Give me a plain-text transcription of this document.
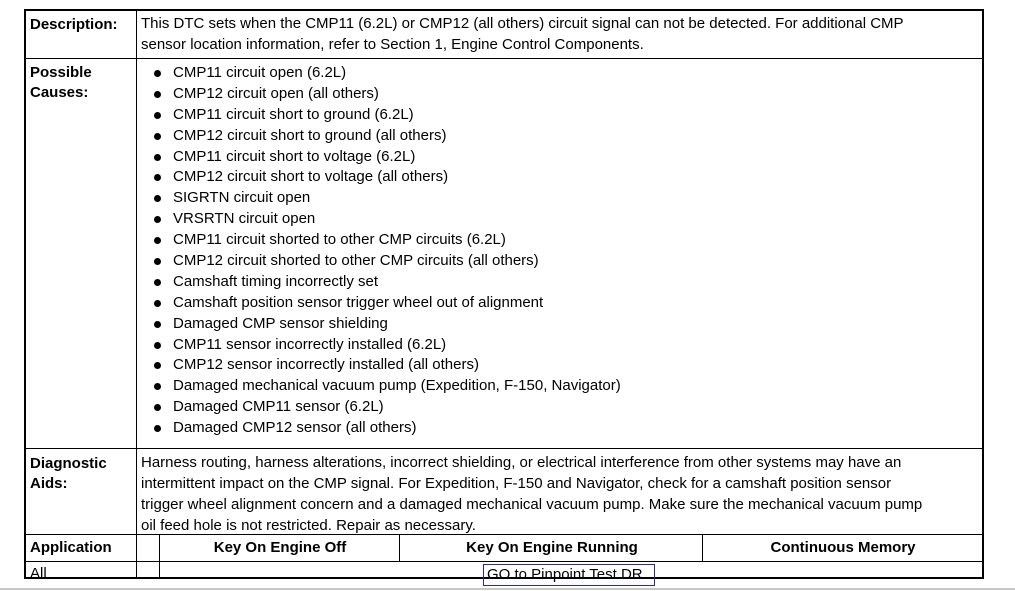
Description: This DTC sets when the CMP11 (6.2L) or CMP12 (all others) circuit signal can not be detected. For additional CMP

sensor location information, refer to Section 1, Engine Control Components.

Possible
Causes:
CMP11 circuit open (6.2L)
CMP12 circuit open (all others)
CMP11 circuit short to ground (6.2L)
CMP12 circuit short to ground (all others)
CMP11 circuit short to voltage (6.2L)
CMP12 circuit short to voltage (all others)
SIGRTN circuit open
VRSRTN circuit open
CMP11 circuit shorted to other CMP circuits (6.2L)
CMP12 circuit shorted to other CMP circuits (all others)
Camshaft timing incorrectly set
Camshaft position sensor trigger wheel out of alignment
Damaged CMP sensor shielding
CMP11 sensor incorrectly installed (6.2L)
CMP12 sensor incorrectly installed (all others)
Damaged mechanical vacuum pump (Expedition, F-150, Navigator)
Damaged CMP11 sensor (6.2L)
Damaged CMP12 sensor (all others)
Diagnostic
Aids:

Harness routing, harness alterations, incorrect shielding, or electrical interference from other systems may have an

intermittent impact on the CMP signal. For Expedition, F-150 and Navigator, check for a camshaft position sensor

trigger wheel alignment concern and a damaged mechanical vacuum pump. Make sure the mechanical vacuum pump

oil feed hole is not restricted. Repair as necessary.

Application	Key On Engine Off	Key On Engine Running	Continuous Memory
All	GO to Pinpoint Test DR .
